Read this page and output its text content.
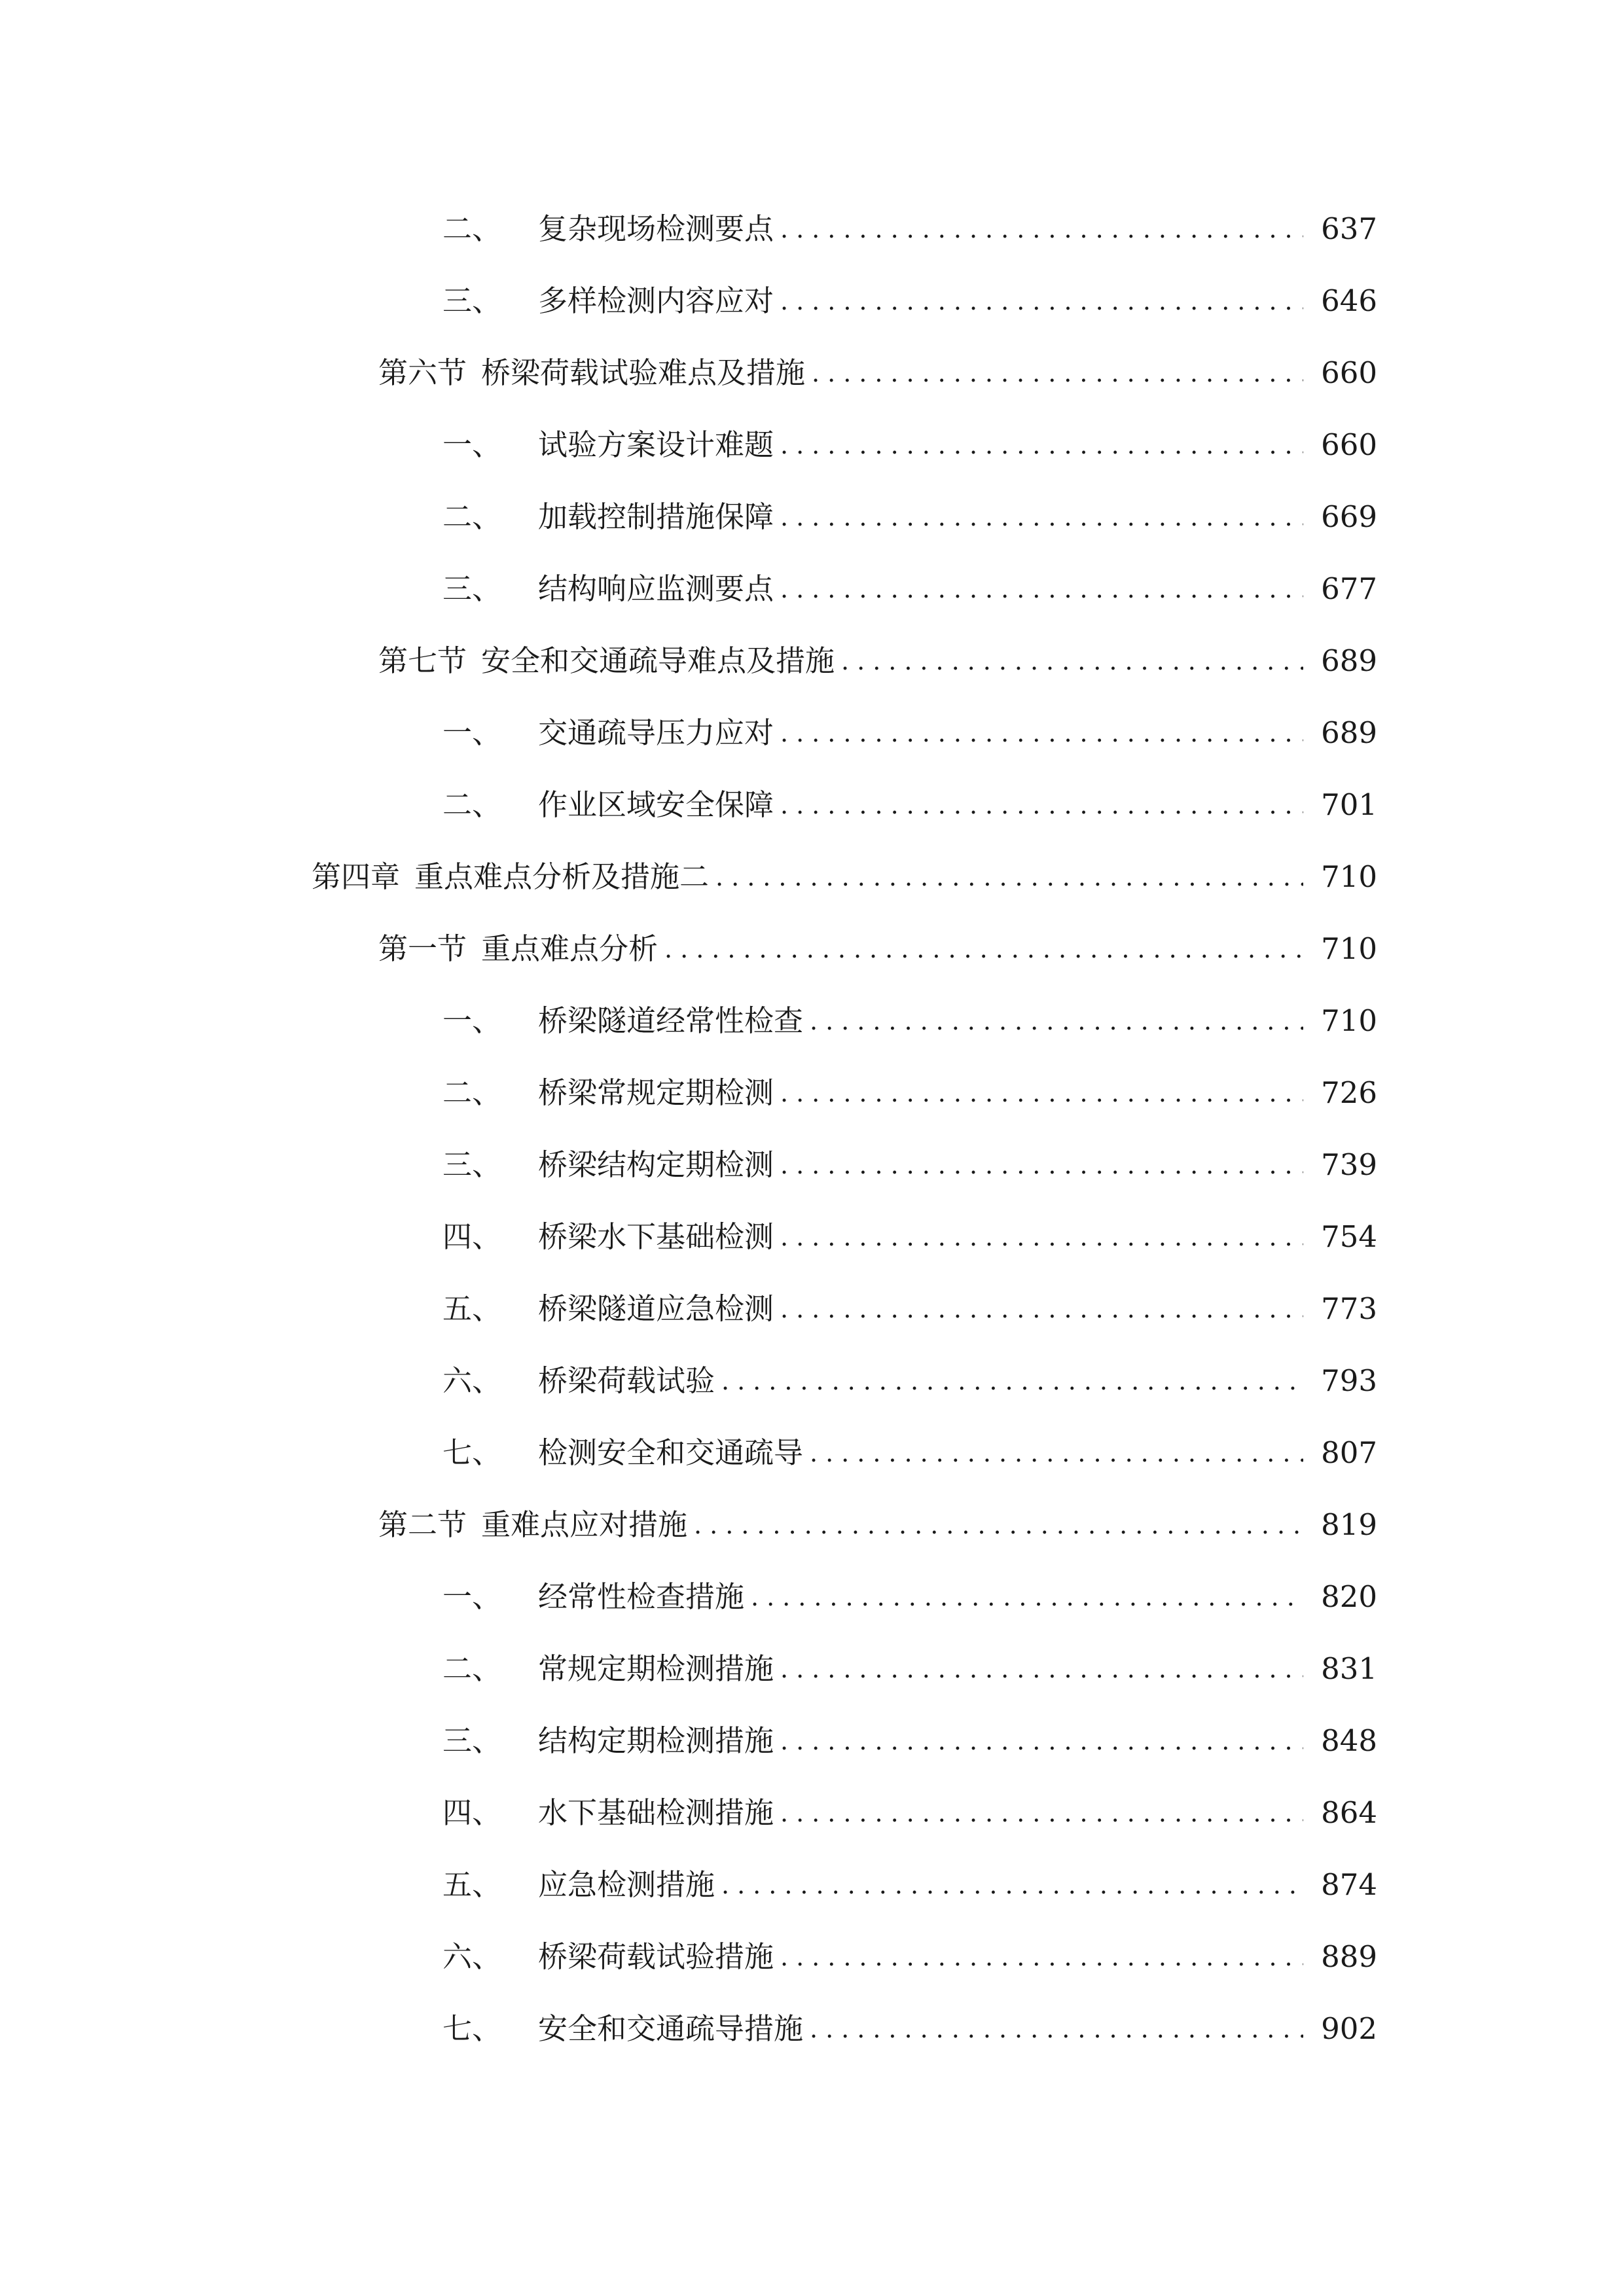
二、	复杂现场检测要点 .....	637
三、	多样检测内容应对 .....	646
第六节 桥梁荷载试验难点及措施 .....	660
一、	试验方案设计难题 .....	660
二、	加载控制措施保障 .....	669
三、	结构响应监测要点 .....	677
第七节 安全和交通疏导难点及措施 .....	689
一、	交通疏导压力应对 .....	689
二、	作业区域安全保障 .....	701
第四章 重点难点分析及措施二 .....	710
第一节 重点难点分析 .....	710
一、	桥梁隧道经常性检查 .....	710
二、	桥梁常规定期检测 .....	726
三、	桥梁结构定期检测 .....	739
四、	桥梁水下基础检测 .....	754
五、	桥梁隧道应急检测 .....	773
六、	桥梁荷载试验 .....	793
七、	检测安全和交通疏导 .....	807
第二节 重难点应对措施 .....	819
一、	经常性检查措施 .....	820
二、	常规定期检测措施 .....	831
三、	结构定期检测措施 .....	848
四、	水下基础检测措施 .....	864
五、	应急检测措施 .....	874
六、	桥梁荷载试验措施 .....	889
七、	安全和交通疏导措施 .....	902
